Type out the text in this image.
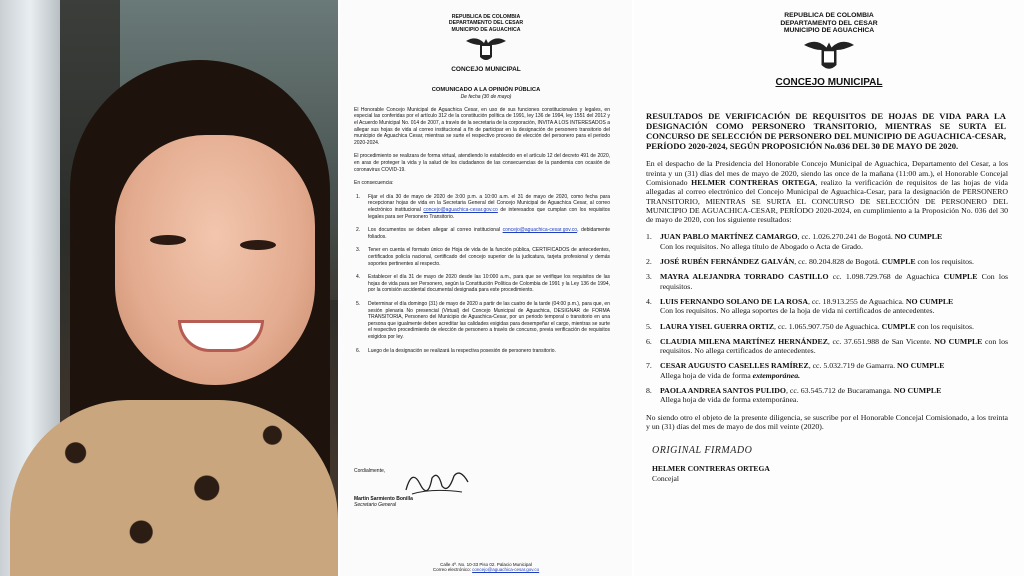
REPUBLICA DE COLOMBIA
DEPARTAMENTO DEL CESAR
MUNICIPIO DE AGUACHICA
CONCEJO MUNICIPAL
COMUNICADO A LA OPINIÓN PÚBLICA
De fecha (30 de mayo)

El Honorable Concejo Municipal de Aguachica Cesar, en uso de sus funciones constitucionales y legales, en especial las conferidas por el artículo 312 de la constitución política de 1991, ley 136 de 1994, ley 1551 del 2012 y el Acuerdo Municipal No. 014 de 2007, a través de la secretaria de la corporación, INVITA A LOS INTERESADOS a allegar sus hojas de vida al correo institucional a fin de participar en la designación de personero transitorio del municipio de Aguachica Cesar, mientras se surte el respectivo proceso de elección del personero para el periodo 2020-2024.

El procedimiento se realizara de forma virtual, atendiendo lo establecido en el artículo 12 del decreto 491 de 2020, en aras de proteger la vida y la salud de los ciudadanos de las consecuencias de la pandemia con ocasión de coronavirus COVID-19.

En consecuencia:

1. Fijar el día 30 de mayo de 2020 de 3:00 p.m. a 10:00 a.m. el 31 de mayo de 2020, como fecha para recepcionar hojas de vida en la Secretaria General del Concejo Municipal de Aguachica Cesar, al correo electrónico institucional concejo@aguachica-cesar.gov.co de interesados que cumplan con los requisitos legales para ser Personero Transitorio.
2. Los documentos se deben allegar al correo institucional concejo@aguachica-cesar.gov.co, debidamente foliados.
3. Tener en cuenta el formato único de Hoja de vida de la función pública, CERTIFICADOS de antecedentes, certificados policía nacional, certificado del concejo superior de la judicatura, tarjeta profesional y demás soportes pertinentes al respecto.
4. Establecer el día 31 de mayo de 2020 desde las 10:000 a.m., para que se verifique los requisitos de las hojas de vida para ser Personero, según la Constitución Política de Colombia de 1991 y la Ley 136 de 1994, por la comisión accidental documental designada para este procedimiento.
5. Determinar el día domingo (31) de mayo de 2020 a partir de las cuatro de la tarde (04:00 p.m.), para que, en sesión plenaria No presencial (Virtual) del Concejo Municipal de Aguachica, DESIGNAR de FORMA TRANSITORIA, Personero del Municipio de Aguachica-Cesar, por un periodo temporal o transitorio en una persona que igualmente deben acreditar las calidades exigidas para desempeñar el cargo, mientras se surte el respectivo procedimiento de elección de personero a través de concurso, previa verificación de requisitos exigidos por ley.
6. Luego de la designación se realizará la respectiva posesión de personero transitorio.
Cordialmente,
Martin Sarmiento Bonilla
Secretario General
Calle 4ª. No. 10-33 Piso 02. Palacio Municipal
Correo electrónico: concejo@aguachica-cesar.gov.co
REPUBLICA DE COLOMBIA
DEPARTAMENTO DEL CESAR
MUNICIPIO DE AGUACHICA
CONCEJO MUNICIPAL
RESULTADOS DE VERIFICACIÓN DE REQUISITOS DE HOJAS DE VIDA PARA LA DESIGNACIÓN COMO PERSONERO TRANSITORIO, MIENTRAS SE SURTA EL CONCURSO DE SELECCIÓN DE PERSONERO DEL MUNICIPIO DE AGUACHICA-CESAR, PERÍODO 2020-2024, SEGÚN PROPOSICIÓN No.036 DEL 30 DE MAYO DE 2020.

En el despacho de la Presidencia del Honorable Concejo Municipal de Aguachica, Departamento del Cesar, a los treinta y un (31) días del mes de mayo de 2020, siendo las once de la mañana (11:00 am.), el Honorable Concejal Comisionado HELMER CONTRERAS ORTEGA, realizo la verificación de requisitos de las hojas de vida allegadas al correo electrónico del Concejo Municipal de Aguachica-Cesar, para la designación de PERSONERO TRANSITORIO, MIENTRAS SE SURTA EL CONCURSO DE SELECCIÓN DE PERSONERO DEL MUNICIPIO DE AGUACHICA-CESAR, PERÍODO 2020-2024, en cumplimiento a la Proposición No. 036 del 30 de mayo de 2020, con los siguiente resultados:

1. JUAN PABLO MARTÍNEZ CAMARGO, cc. 1.026.270.241 de Bogotá. NO CUMPLE
Con los requisitos. No allega título de Abogado o Acta de Grado.
2. JOSÉ RUBÉN FERNÁNDEZ GALVÁN, cc. 80.204.828 de Bogotá. CUMPLE con los requisitos.
3. MAYRA ALEJANDRA TORRADO CASTILLO cc. 1.098.729.768 de Aguachica CUMPLE Con los requisitos.
4. LUIS FERNANDO SOLANO DE LA ROSA, cc. 18.913.255 de Aguachica. NO CUMPLE
Con los requisitos. No allega soportes de la hoja de vida ni certificados de antecedentes.
5. LAURA YISEL GUERRA ORTIZ, cc. 1.065.907.750 de Aguachica. CUMPLE con los requisitos.
6. CLAUDIA MILENA MARTÍNEZ HERNÁNDEZ, cc. 37.651.988 de San Vicente. NO CUMPLE con los requisitos. No allega certificados de antecedentes.
7. CESAR AUGUSTO CASELLES RAMÍREZ, cc. 5.032.719 de Gamarra. NO CUMPLE
Allega hoja de vida de forma extemporánea.
8. PAOLA ANDREA SANTOS PULIDO, cc. 63.545.712 de Bucaramanga. NO CUMPLE
Allega hoja de vida de forma extemporánea.

No siendo otro el objeto de la presente diligencia, se suscribe por el Honorable Concejal Comisionado, a los treinta y un (31) días del mes de mayo de dos mil veinte (2020).

ORIGINAL FIRMADO
HELMER CONTRERAS ORTEGA
Concejal
